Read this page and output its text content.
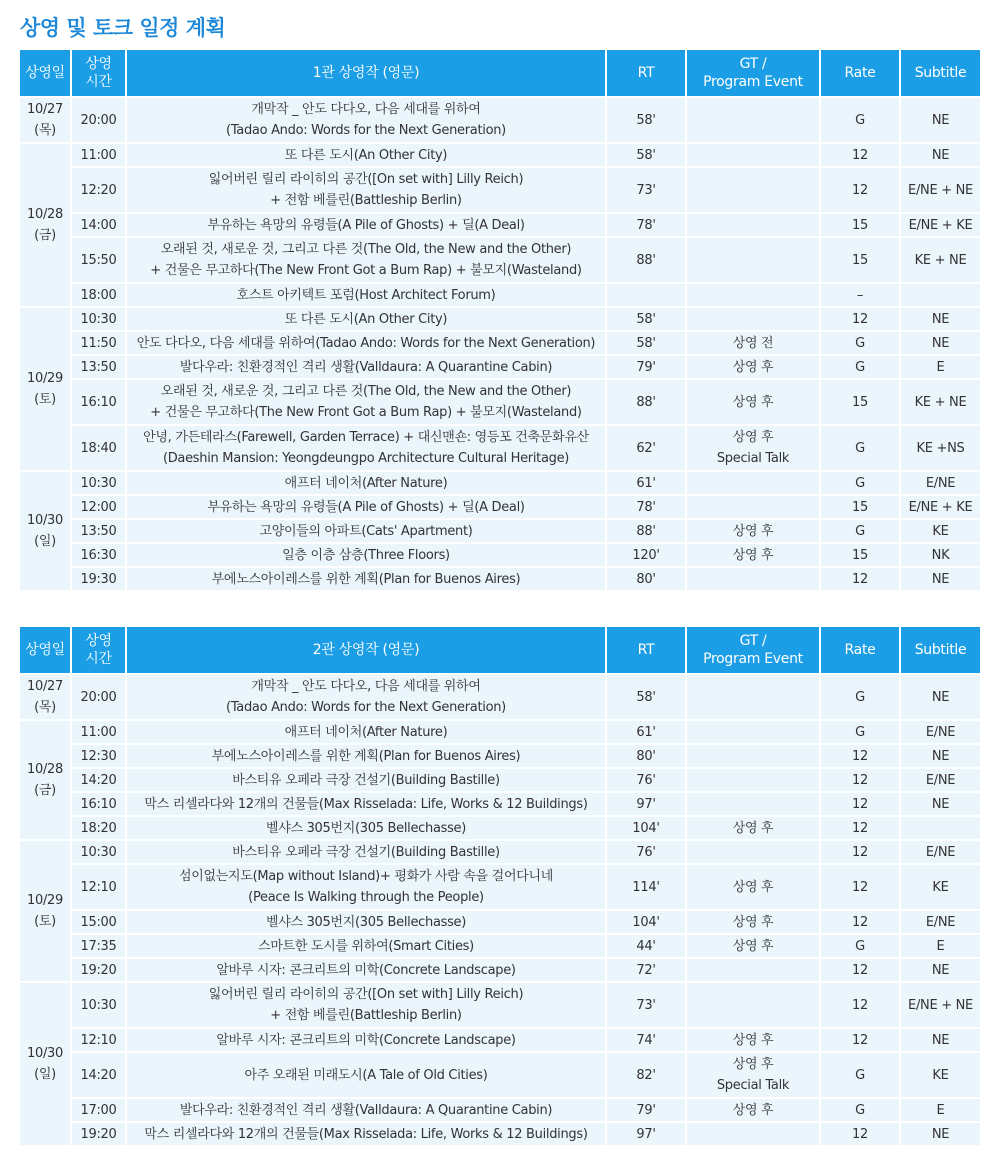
상영 및 토크 일정 계획
상영일	상영
시간	1관 상영작 (영문)	RT	GT /
Program Event	Rate	Subtitle

10/27
(목)	20:00	개막작 _ 안도 다다오, 다음 세대를 위하여
(Tadao Ando: Words for the Next Generation)	58'		G	NE

10/28
(금)	11:00	또 다른 도시(An Other City)	58'		12	NE
	12:20	잃어버린 릴리 라이히의 공간([On set with] Lilly Reich)
+ 전함 베를린(Battleship Berlin)	73'		12	E/NE + NE
	14:00	부유하는 욕망의 유령들(A Pile of Ghosts) + 딜(A Deal)	78'		15	E/NE + KE
	15:50	오래된 것, 새로운 것, 그리고 다른 것(The Old, the New and the Other)
+ 건물은 무고하다(The New Front Got a Bum Rap) + 불모지(Wasteland)	88'		15	KE + NE
	18:00	호스트 아키텍트 포럼(Host Architect Forum)			–	

10/29
(토)	10:30	또 다른 도시(An Other City)	58'		12	NE
	11:50	안도 다다오, 다음 세대를 위하여(Tadao Ando: Words for the Next Generation)	58'	상영 전	G	NE
	13:50	발다우라: 친환경적인 격리 생활(Valldaura: A Quarantine Cabin)	79'	상영 후	G	E
	16:10	오래된 것, 새로운 것, 그리고 다른 것(The Old, the New and the Other)
+ 건물은 무고하다(The New Front Got a Bum Rap) + 불모지(Wasteland)	88'	상영 후	15	KE + NE
	18:40	안녕, 가든테라스(Farewell, Garden Terrace) + 대신맨숀: 영등포 건축문화유산
(Daeshin Mansion: Yeongdeungpo Architecture Cultural Heritage)	62'	상영 후
Special Talk	G	KE +NS

10/30
(일)	10:30	애프터 네이처(After Nature)	61'		G	E/NE
	12:00	부유하는 욕망의 유령들(A Pile of Ghosts) + 딜(A Deal)	78'		15	E/NE + KE
	13:50	고양이들의 아파트(Cats' Apartment)	88'	상영 후	G	KE
	16:30	일층 이층 삼층(Three Floors)	120'	상영 후	15	NK
	19:30	부에노스아이레스를 위한 계획(Plan for Buenos Aires)	80'		12	NE
상영일	상영
시간	2관 상영작 (영문)	RT	GT /
Program Event	Rate	Subtitle

10/27
(목)	20:00	개막작 _ 안도 다다오, 다음 세대를 위하여
(Tadao Ando: Words for the Next Generation)	58'		G	NE

10/28
(금)	11:00	애프터 네이처(After Nature)	61'		G	E/NE
	12:30	부에노스아이레스를 위한 계획(Plan for Buenos Aires)	80'		12	NE
	14:20	바스티유 오페라 극장 건설기(Building Bastille)	76'		12	E/NE
	16:10	막스 리셀라다와 12개의 건물들(Max Risselada: Life, Works & 12 Buildings)	97'		12	NE
	18:20	벨샤스 305번지(305 Bellechasse)	104'	상영 후	12	

10/29
(토)	10:30	바스티유 오페라 극장 건설기(Building Bastille)	76'		12	E/NE
	12:10	섬이없는지도(Map without Island)+ 평화가 사람 속을 걸어다니네
(Peace Is Walking through the People)	114'	상영 후	12	KE
	15:00	벨샤스 305번지(305 Bellechasse)	104'	상영 후	12	E/NE
	17:35	스마트한 도시를 위하여(Smart Cities)	44'	상영 후	G	E
	19:20	알바루 시자: 콘크리트의 미학(Concrete Landscape)	72'		12	NE

10/30
(일)	10:30	잃어버린 릴리 라이히의 공간([On set with] Lilly Reich)
+ 전함 베를린(Battleship Berlin)	73'		12	E/NE + NE
	12:10	알바루 시자: 콘크리트의 미학(Concrete Landscape)	74'	상영 후	12	NE
	14:20	아주 오래된 미래도시(A Tale of Old Cities)	82'	상영 후
Special Talk	G	KE
	17:00	발다우라: 친환경적인 격리 생활(Valldaura: A Quarantine Cabin)	79'	상영 후	G	E
	19:20	막스 리셀라다와 12개의 건물들(Max Risselada: Life, Works & 12 Buildings)	97'		12	NE
